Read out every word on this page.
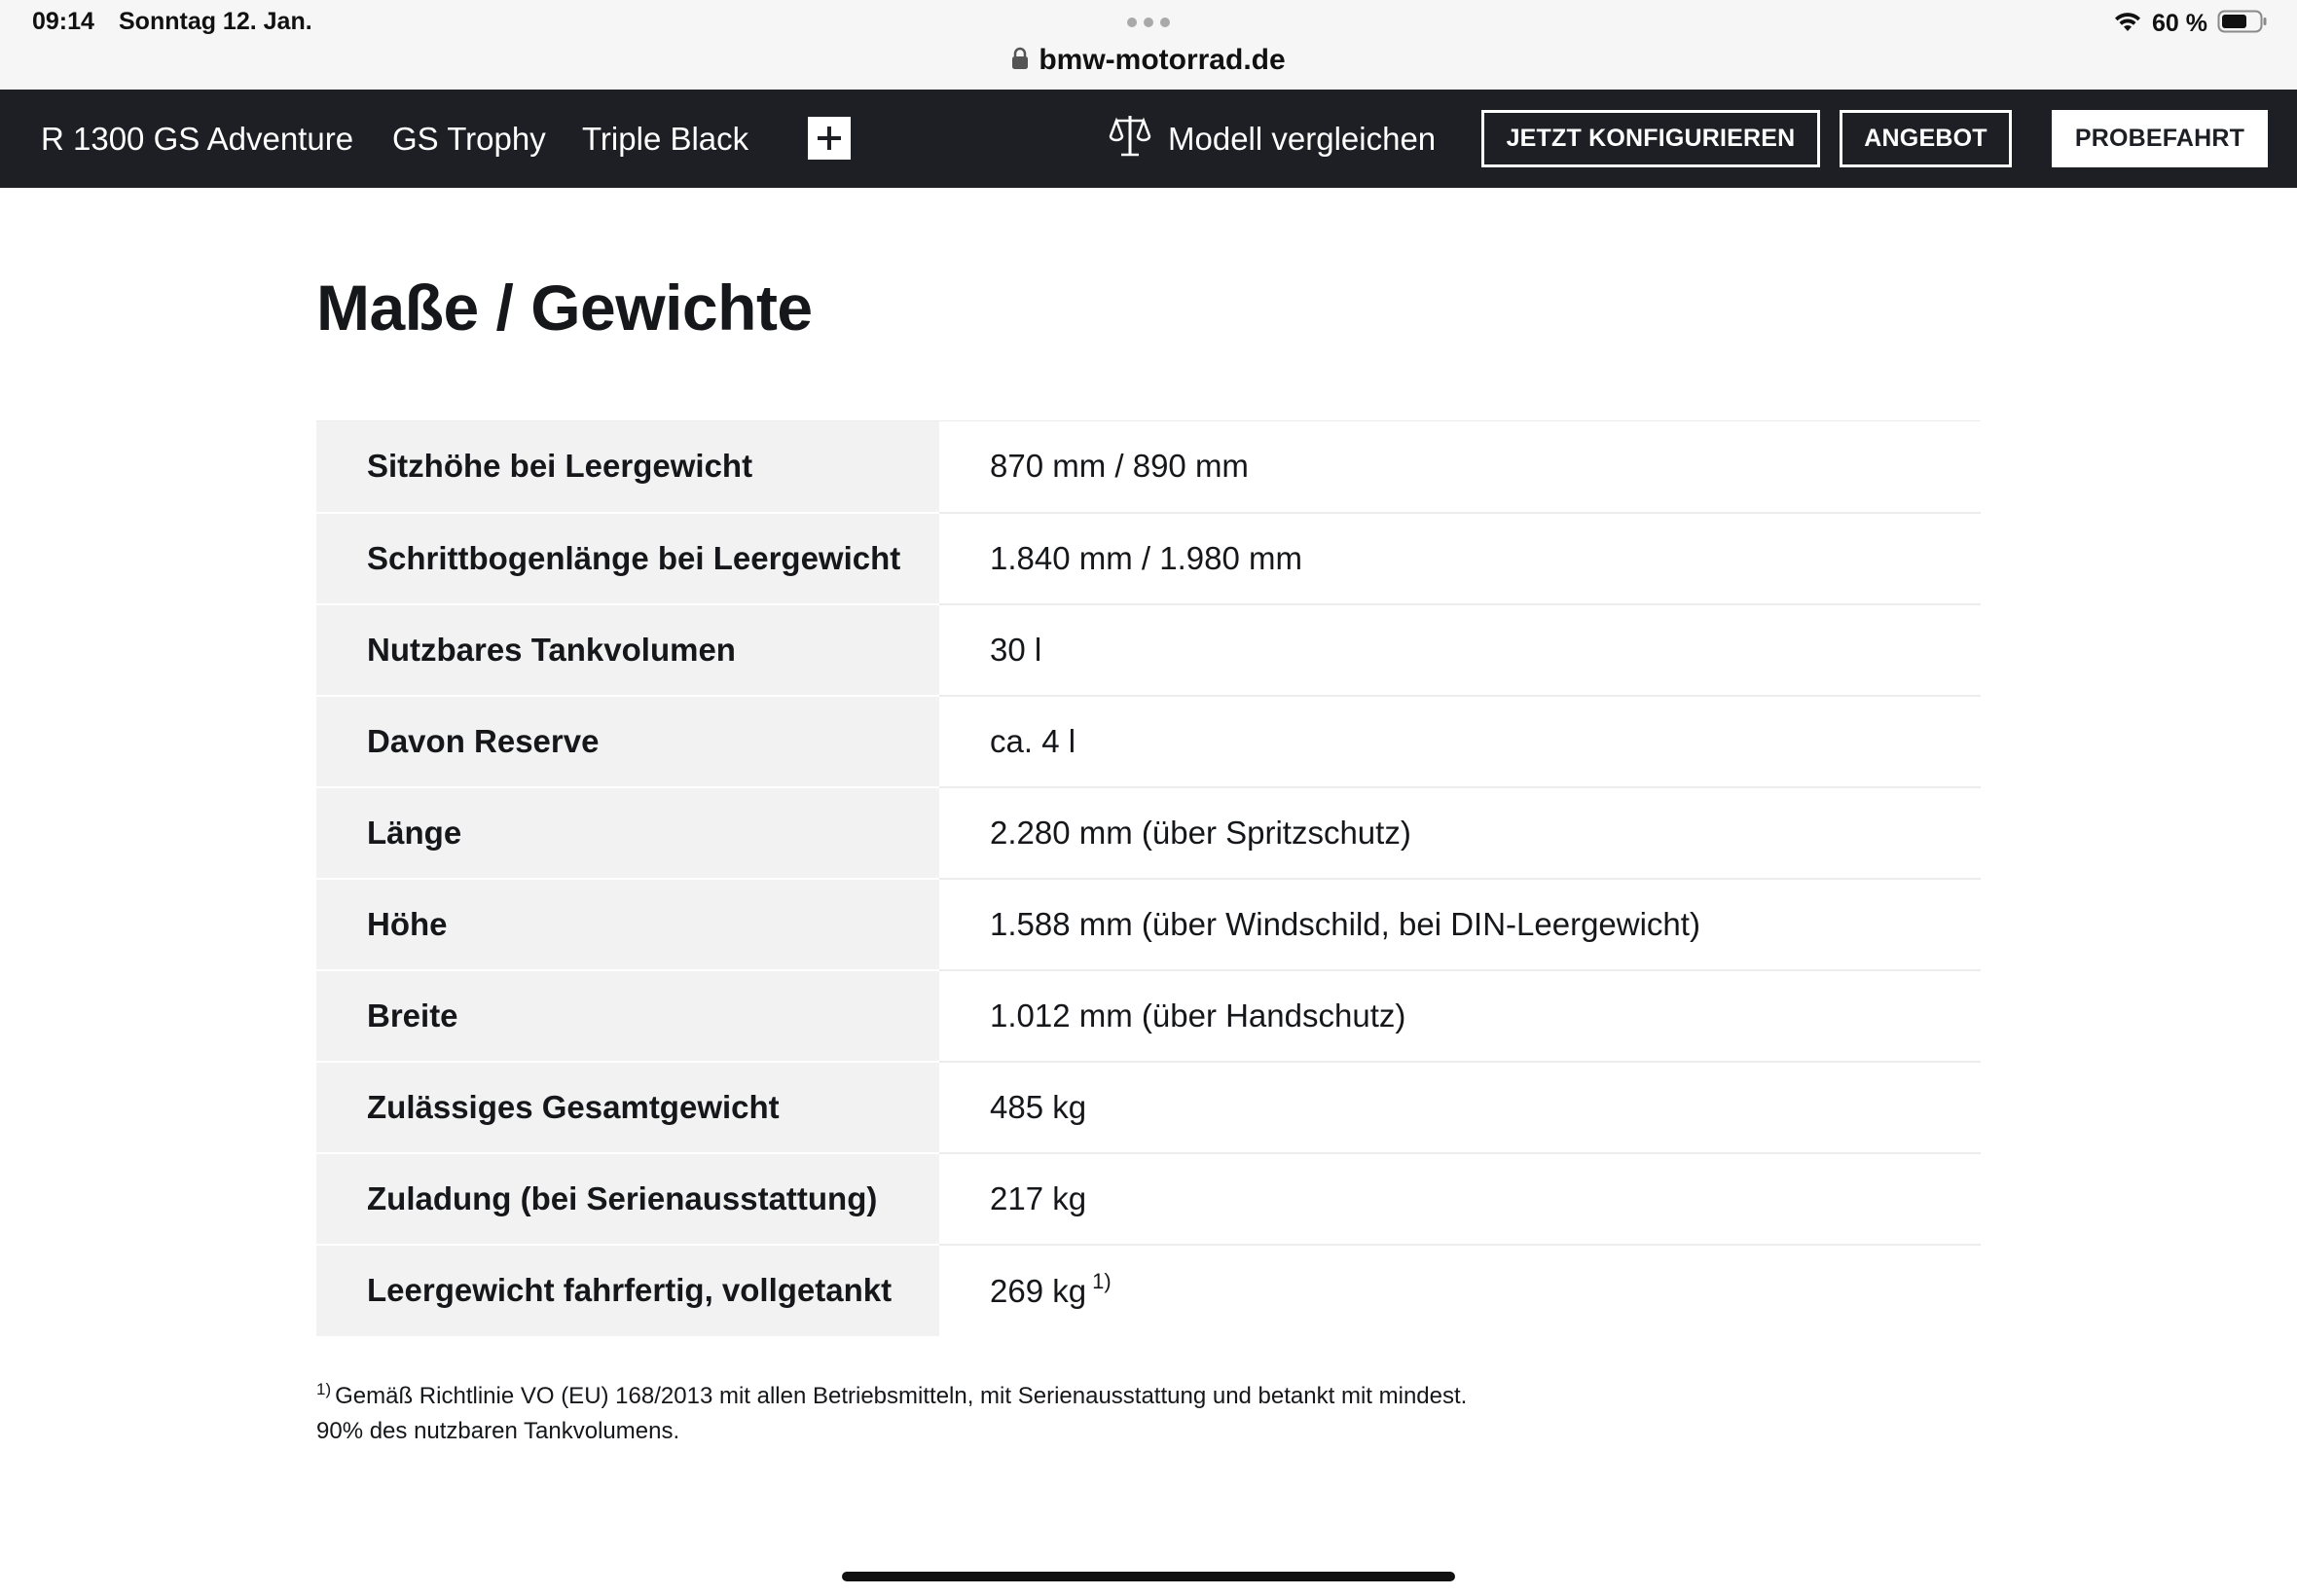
09:14 Sonntag 12. Jan.	60 %
bmw-motorrad.de
R 1300 GS Adventure GS Trophy Triple Black	Modell vergleichen	JETZT KONFIGURIEREN	ANGEBOT	PROBEFAHRT
Maße / Gewichte
Sitzhöhe bei Leergewicht	870 mm / 890 mm
Schrittbogenlänge bei Leergewicht	1.840 mm / 1.980 mm
Nutzbares Tankvolumen	30 l
Davon Reserve	ca. 4 l
Länge	2.280 mm (über Spritzschutz)
Höhe	1.588 mm (über Windschild, bei DIN-Leergewicht)
Breite	1.012 mm (über Handschutz)
Zulässiges Gesamtgewicht	485 kg
Zuladung (bei Serienausstattung)	217 kg
Leergewicht fahrfertig, vollgetankt	269 kg $^{1)}$
$^{1)}$ Gemäß Richtlinie VO (EU) 168/2013 mit allen Betriebsmitteln, mit Serienausstattung und betankt mit mindest.
90% des nutzbaren Tankvolumens.
